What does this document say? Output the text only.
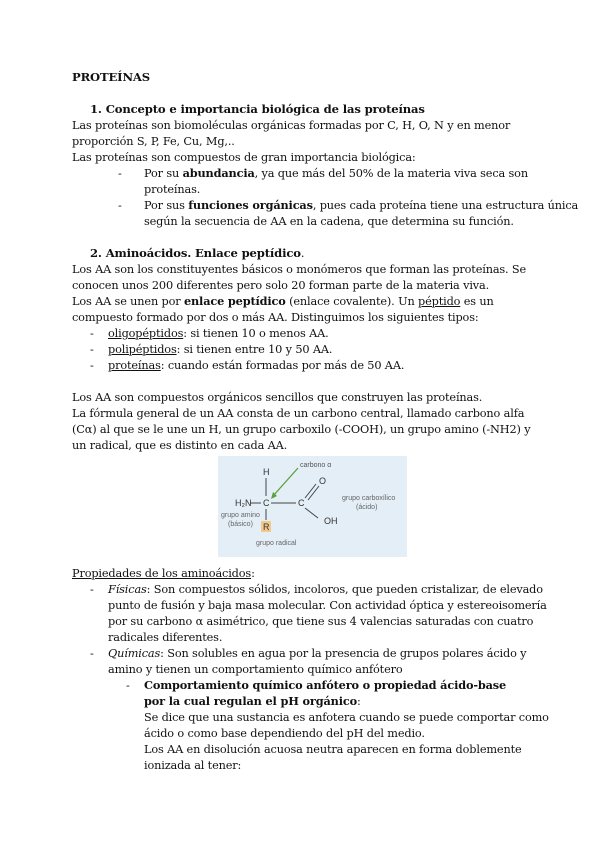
PROTEÍNAS
1. Concepto e importancia biológica de las proteínas
Las proteínas son biomoléculas orgánicas formadas por C, H, O, N y en menor
proporción S, P, Fe, Cu, Mg,..
Las proteínas son compuestos de gran importancia biológica:
- Por su abundancia, ya que más del 50% de la materia viva seca son
proteínas.
- Por sus funciones orgánicas, pues cada proteína tiene una estructura única
según la secuencia de AA en la cadena, que determina su función.
2. Aminoácidos. Enlace peptídico.
Los AA son los constituyentes básicos o monómeros que forman las proteínas. Se
conocen unos 200 diferentes pero solo 20 forman parte de la materia viva.
Los AA se unen por enlace peptídico (enlace covalente). Un péptido es un
compuesto formado por dos o más AA. Distinguimos los siguientes tipos:
- oligopéptidos: si tienen 10 o menos AA.
- polipéptidos: si tienen entre 10 y 50 AA.
- proteínas: cuando están formadas por más de 50 AA.
Los AA son compuestos orgánicos sencillos que construyen las proteínas.
La fórmula general de un AA consta de un carbono central, llamado carbono alfa
(Cα) al que se le une un H, un grupo carboxilo (-COOH), un grupo amino (-NH2) y
un radical, que es distinto en cada AA.
H
H₂N C	C
O
OH
R
carbono α
grupo amino
(básico)
grupo carboxílico
(ácido)
grupo radical
Propiedades de los aminoácidos:
- Físicas: Son compuestos sólidos, incoloros, que pueden cristalizar, de elevado
punto de fusión y baja masa molecular. Con actividad óptica y estereoisomería
por su carbono α asimétrico, que tiene sus 4 valencias saturadas con cuatro
radicales diferentes.
- Químicas: Son solubles en agua por la presencia de grupos polares ácido y
amino y tienen un comportamiento químico anfótero
- Comportamiento químico anfótero o propiedad ácido-base
por la cual regulan el pH orgánico:
Se dice que una sustancia es anfotera cuando se puede comportar como
ácido o como base dependiendo del pH del medio.
Los AA en disolución acuosa neutra aparecen en forma doblemente
ionizada al tener:
